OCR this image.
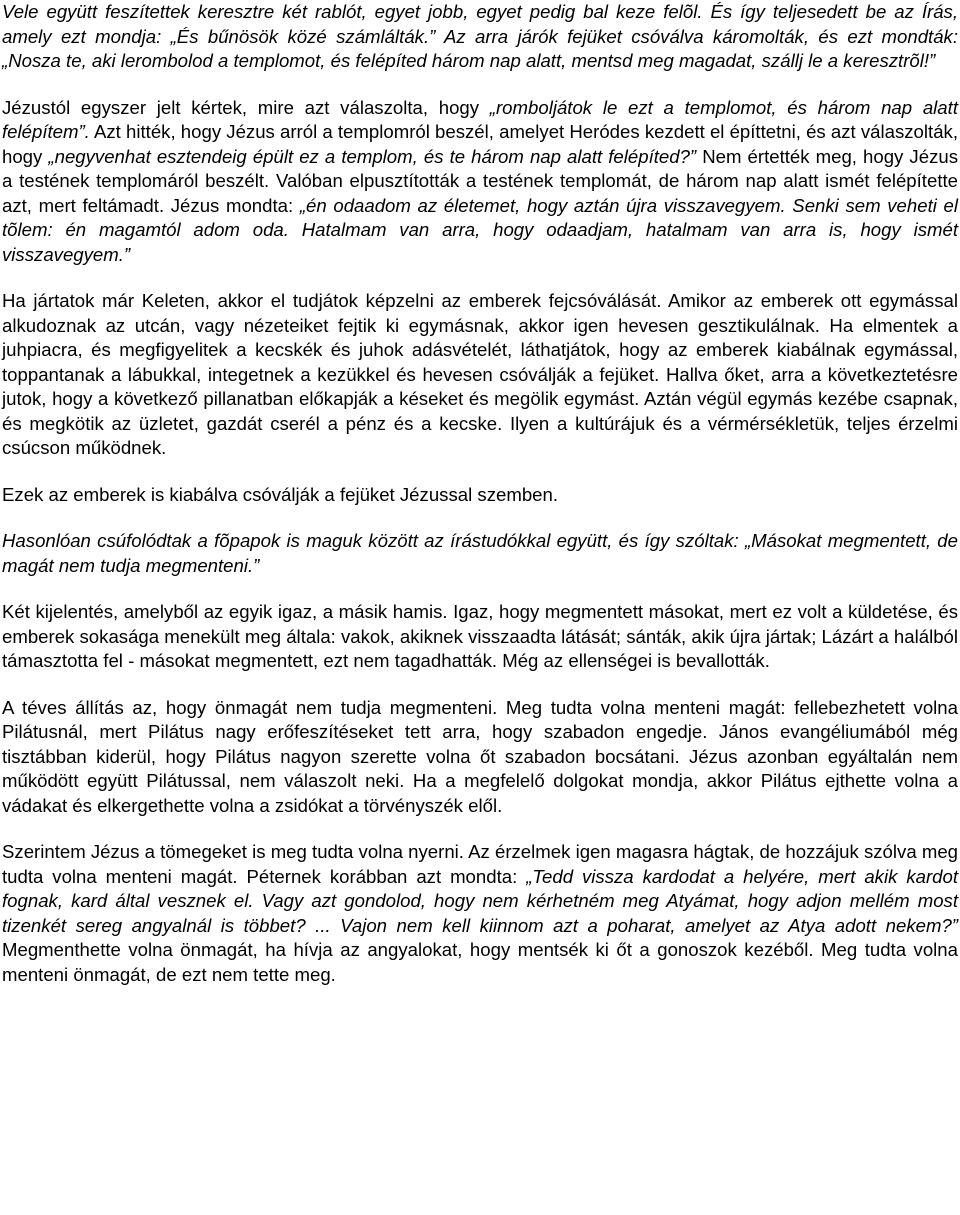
Vele együtt feszítettek keresztre két rablót, egyet jobb, egyet pedig bal keze felõl. És így teljesedett be az Írás, amely ezt mondja: „És bűnösök közé számlálták.” Az arra járók fejüket csóválva káromolták, és ezt mondták: „Nosza te, aki lerombolod a templomot, és felépíted három nap alatt, mentsd meg magadat, szállj le a keresztrõl!”

Jézustól egyszer jelt kértek, mire azt válaszolta, hogy „romboljátok le ezt a templomot, és három nap alatt felépítem”. Azt hitték, hogy Jézus arról a templomról beszél, amelyet Heródes kezdett el építtetni, és azt válaszolták, hogy „negyvenhat esztendeig épült ez a templom, és te három nap alatt felépíted?” Nem értették meg, hogy Jézus a testének templomáról beszélt. Valóban elpusztították a testének templomát, de három nap alatt ismét felépítette azt, mert feltámadt. Jézus mondta: „én odaadom az életemet, hogy aztán újra visszavegyem. Senki sem veheti el tõlem: én magamtól adom oda. Hatalmam van arra, hogy odaadjam, hatalmam van arra is, hogy ismét visszavegyem.”

Ha jártatok már Keleten, akkor el tudjátok képzelni az emberek fejcsóválását. Amikor az emberek ott egymással alkudoznak az utcán, vagy nézeteiket fejtik ki egymásnak, akkor igen hevesen gesztikulálnak. Ha elmentek a juhpiacra, és megfigyelitek a kecskék és juhok adásvételét, láthatjátok, hogy az emberek kiabálnak egymással, toppantanak a lábukkal, integetnek a kezükkel és hevesen csóválják a fejüket. Hallva őket, arra a következtetésre jutok, hogy a következő pillanatban előkapják a késeket és megölik egymást. Aztán végül egymás kezébe csapnak, és megkötik az üzletet, gazdát cserél a pénz és a kecske. Ilyen a kultúrájuk és a vérmérsékletük, teljes érzelmi csúcson működnek.

Ezek az emberek is kiabálva csóválják a fejüket Jézussal szemben.

Hasonlóan csúfolódtak a fõpapok is maguk között az írástudókkal együtt, és így szóltak: „Másokat megmentett, de magát nem tudja megmenteni.”

Két kijelentés, amelyből az egyik igaz, a másik hamis. Igaz, hogy megmentett másokat, mert ez volt a küldetése, és emberek sokasága menekült meg általa: vakok, akiknek visszaadta látását; sánták, akik újra jártak; Lázárt a halálból támasztotta fel - másokat megmentett, ezt nem tagadhatták. Még az ellenségei is bevallották.

A téves állítás az, hogy önmagát nem tudja megmenteni. Meg tudta volna menteni magát: fellebezhetett volna Pilátusnál, mert Pilátus nagy erőfeszítéseket tett arra, hogy szabadon engedje. János evangéliumából még tisztábban kiderül, hogy Pilátus nagyon szerette volna őt szabadon bocsátani. Jézus azonban egyáltalán nem működött együtt Pilátussal, nem válaszolt neki. Ha a megfelelő dolgokat mondja, akkor Pilátus ejthette volna a vádakat és elkergethette volna a zsidókat a törvényszék elől.

Szerintem Jézus a tömegeket is meg tudta volna nyerni. Az érzelmek igen magasra hágtak, de hozzájuk szólva meg tudta volna menteni magát. Péternek korábban azt mondta: „Tedd vissza kardodat a helyére, mert akik kardot fognak, kard által vesznek el. Vagy azt gondolod, hogy nem kérhetném meg Atyámat, hogy adjon mellém most tizenkét sereg angyalnál is többet? ... Vajon nem kell kiinnom azt a poharat, amelyet az Atya adott nekem?” Megmenthette volna önmagát, ha hívja az angyalokat, hogy mentsék ki őt a gonoszok kezéből. Meg tudta volna menteni önmagát, de ezt nem tette meg.
